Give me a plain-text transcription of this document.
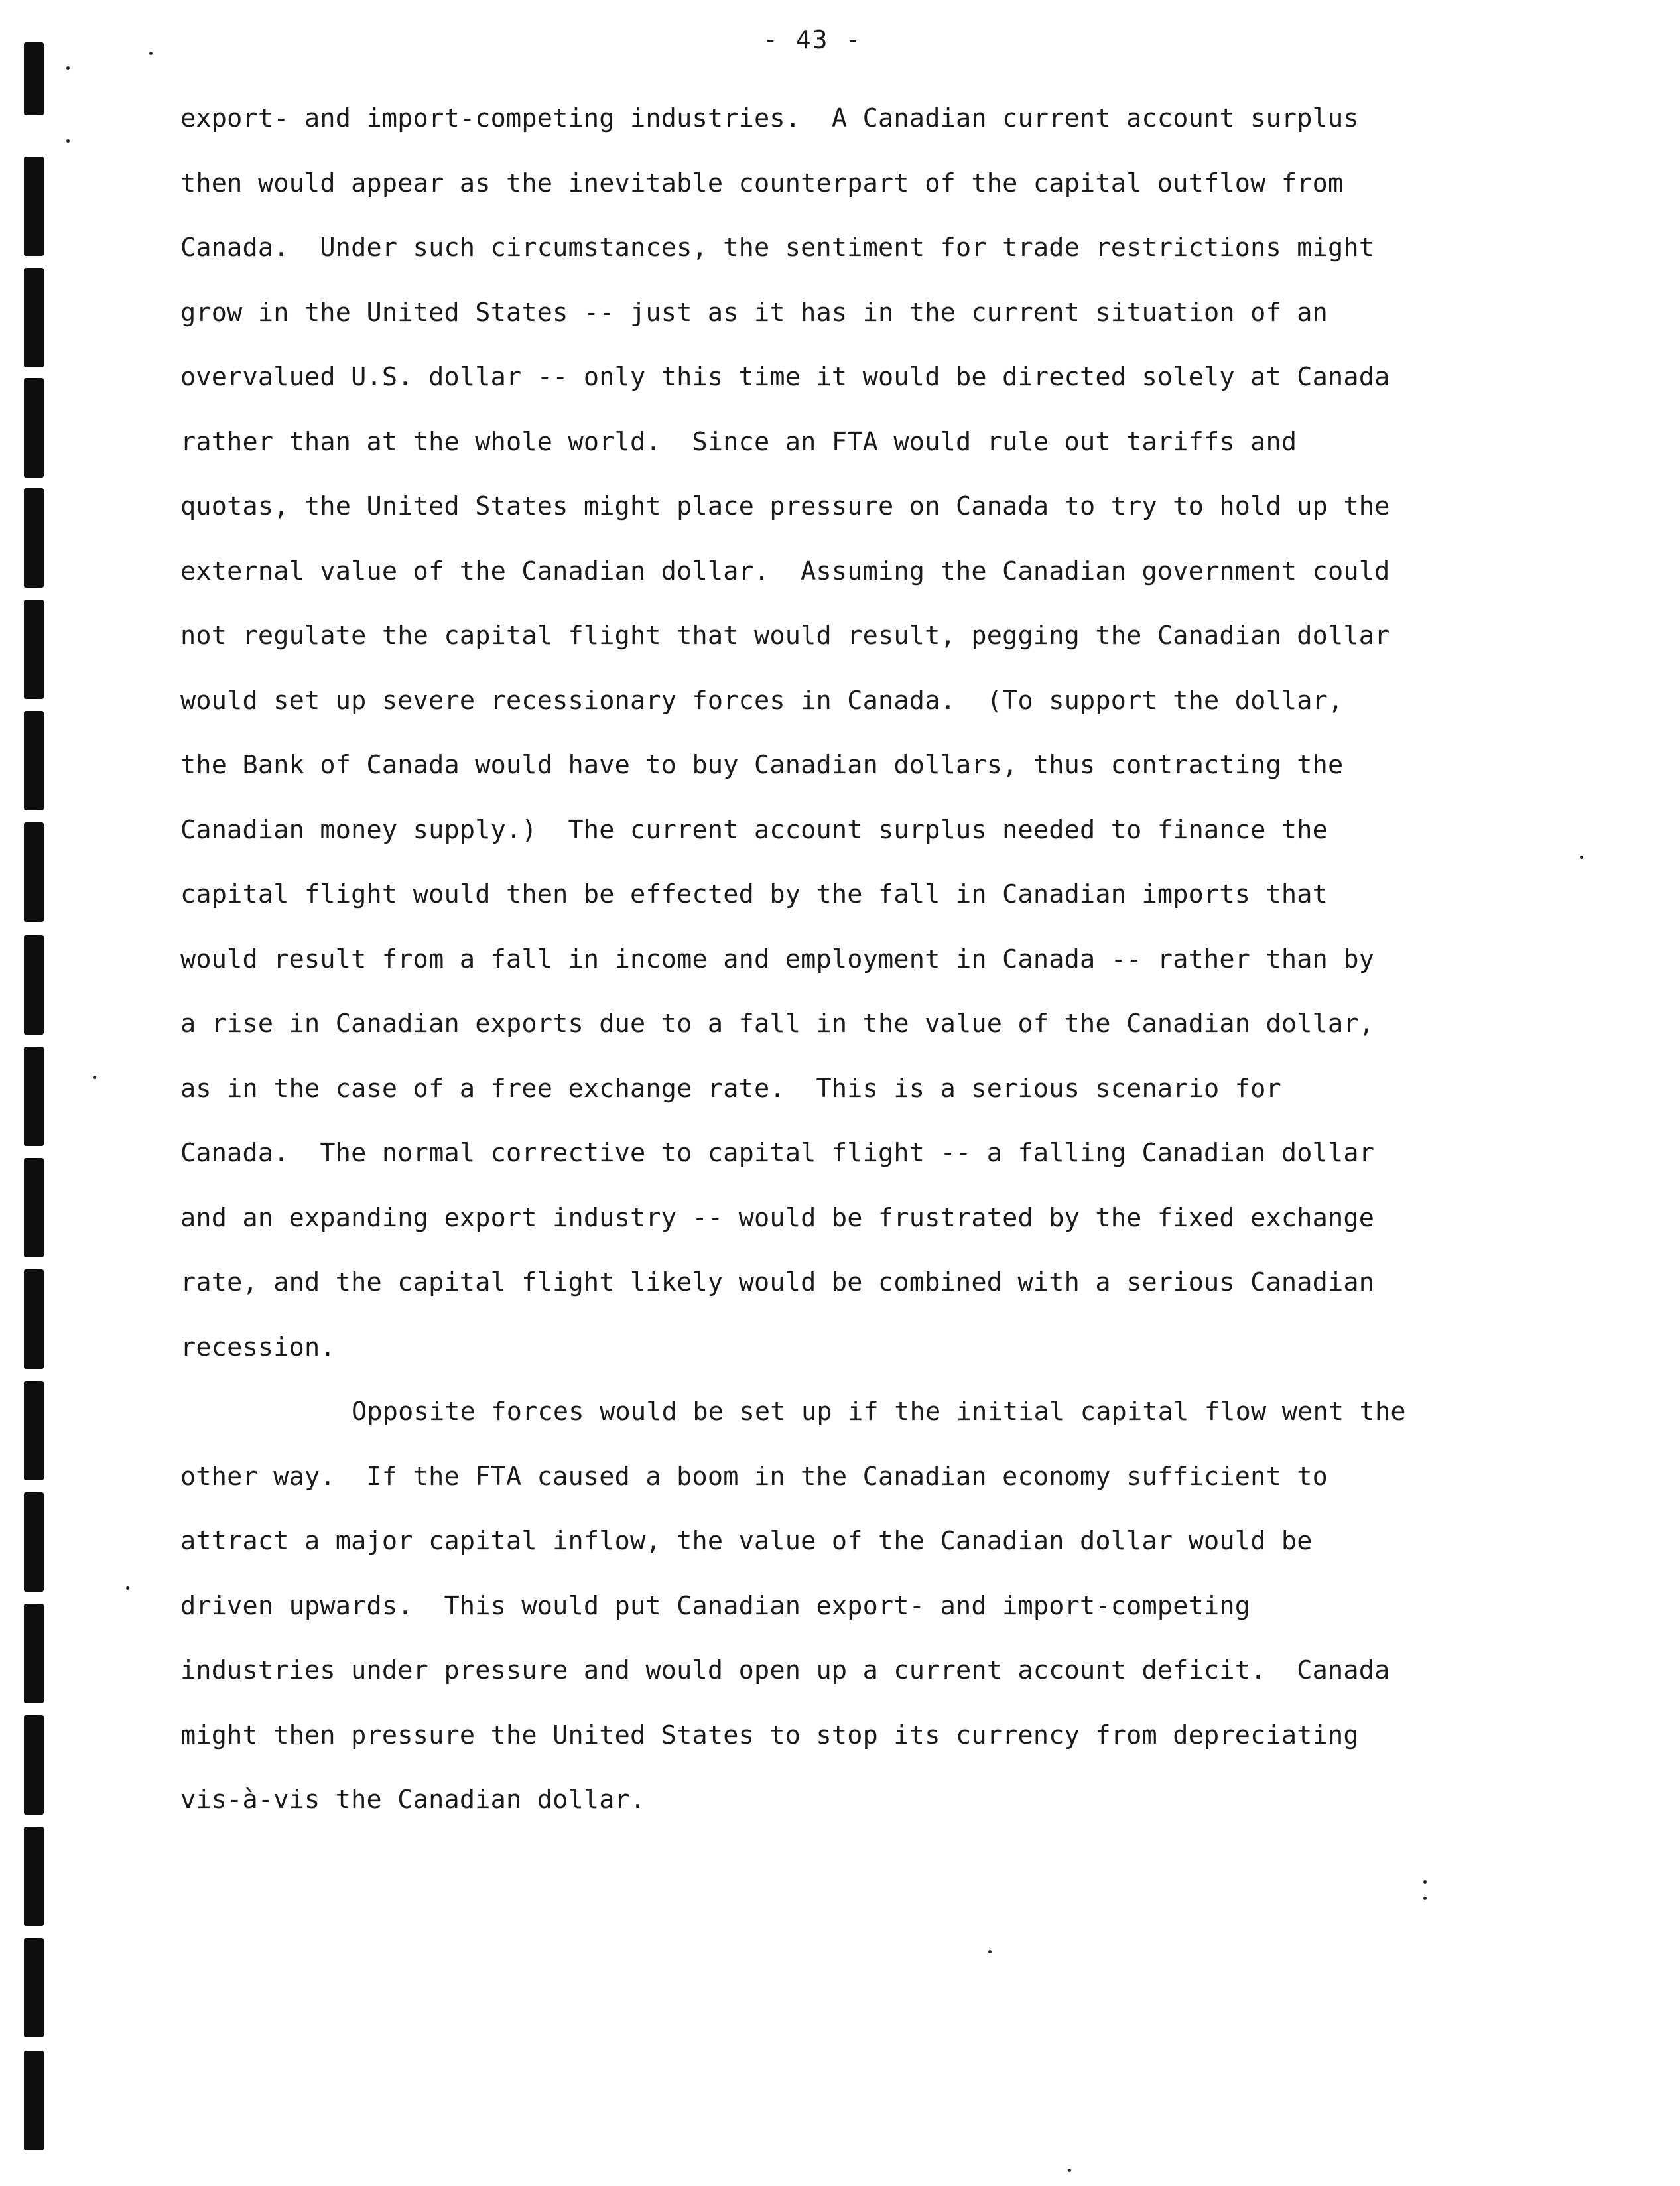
- 43 -
export- and import-competing industries.  A Canadian current account surplus
then would appear as the inevitable counterpart of the capital outflow from
Canada.  Under such circumstances, the sentiment for trade restrictions might
grow in the United States -- just as it has in the current situation of an
overvalued U.S. dollar -- only this time it would be directed solely at Canada
rather than at the whole world.  Since an FTA would rule out tariffs and
quotas, the United States might place pressure on Canada to try to hold up the
external value of the Canadian dollar.  Assuming the Canadian government could
not regulate the capital flight that would result, pegging the Canadian dollar
would set up severe recessionary forces in Canada.  (To support the dollar,
the Bank of Canada would have to buy Canadian dollars, thus contracting the
Canadian money supply.)  The current account surplus needed to finance the
capital flight would then be effected by the fall in Canadian imports that
would result from a fall in income and employment in Canada -- rather than by
a rise in Canadian exports due to a fall in the value of the Canadian dollar,
as in the case of a free exchange rate.  This is a serious scenario for
Canada.  The normal corrective to capital flight -- a falling Canadian dollar
and an expanding export industry -- would be frustrated by the fixed exchange
rate, and the capital flight likely would be combined with a serious Canadian
recession.
Opposite forces would be set up if the initial capital flow went the
other way.  If the FTA caused a boom in the Canadian economy sufficient to
attract a major capital inflow, the value of the Canadian dollar would be
driven upwards.  This would put Canadian export- and import-competing
industries under pressure and would open up a current account deficit.  Canada
might then pressure the United States to stop its currency from depreciating
vis-à-vis the Canadian dollar.
